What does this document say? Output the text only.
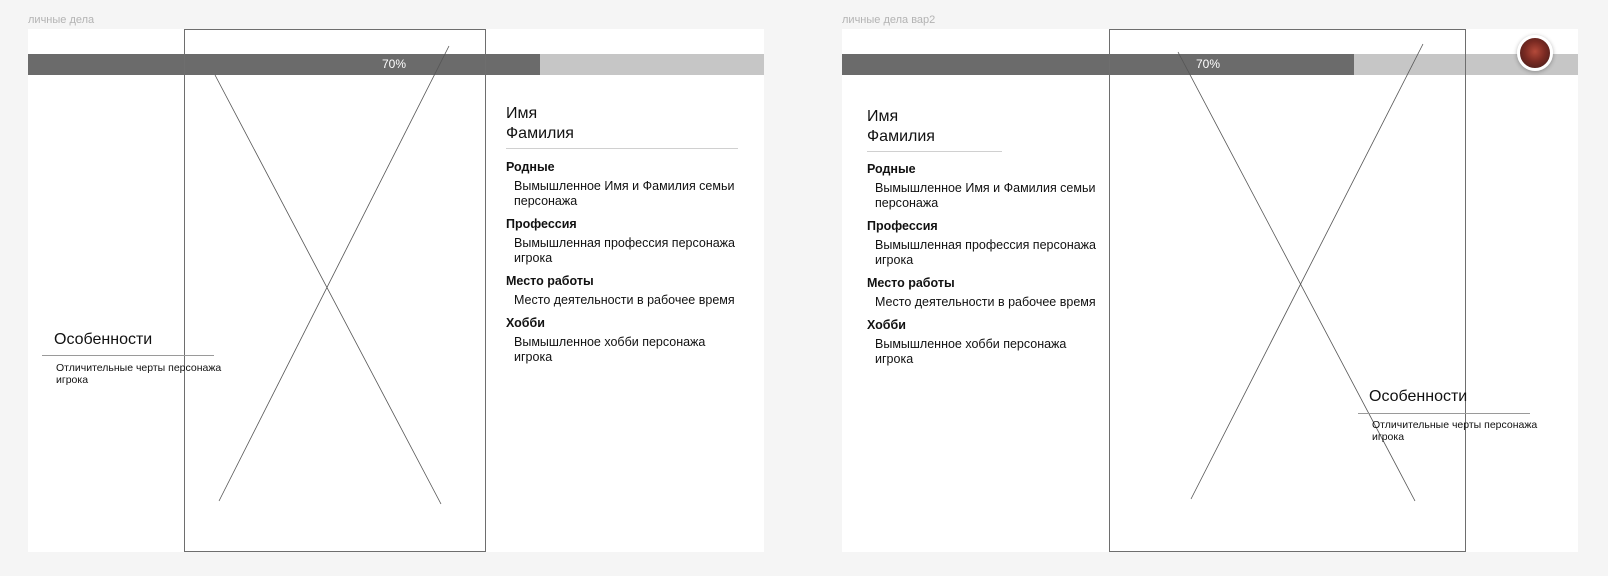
личные дела	личные дела вар2
70%
Имя
Фамилия
Родные
Вымышленное Имя и Фамилия семьи персонажа
Профессия
Вымышленная профессия персонажа игрока
Место работы
Место деятельности в рабочее время
Хобби
Вымышленное хобби персонажа игрока
Особенности
Отличительные черты персонажа игрока
70%
Имя
Фамилия
Родные
Вымышленное Имя и Фамилия семьи персонажа
Профессия
Вымышленная профессия персонажа игрока
Место работы
Место деятельности в рабочее время
Хобби
Вымышленное хобби персонажа игрока
Особенности
Отличительные черты персонажа игрока
